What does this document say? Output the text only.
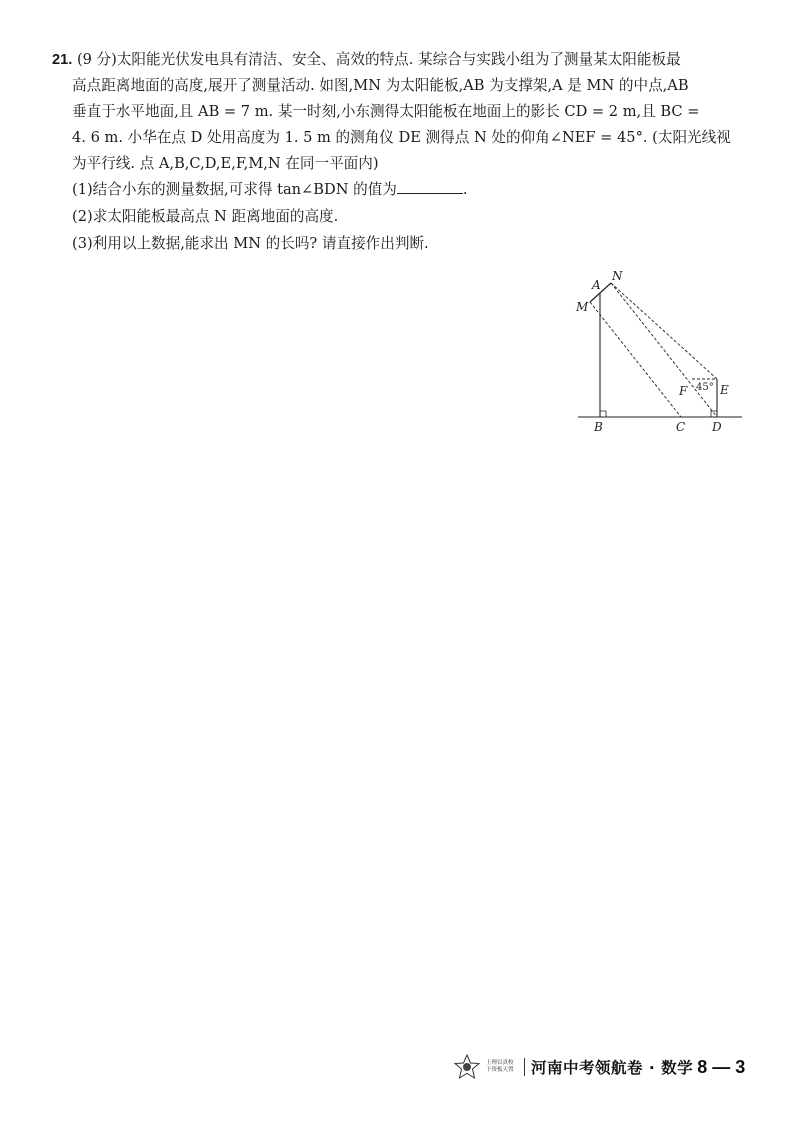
21. (9 分)太阳能光伏发电具有清洁、安全、高效的特点. 某综合与实践小组为了测量某太阳能板最
高点距离地面的高度,展开了测量活动. 如图,MN 为太阳能板,AB 为支撑架,A 是 MN 的中点,AB
垂直于水平地面,且 AB = 7 m. 某一时刻,小东测得太阳能板在地面上的影长 CD = 2 m,且 BC =
4. 6 m. 小华在点 D 处用高度为 1. 5 m 的测角仪 DE 测得点 N 处的仰角∠NEF = 45°. (太阳光线视
为平行线. 点 A,B,C,D,E,F,M,N 在同一平面内)
(1)结合小东的测量数据,可求得 tan∠BDN 的值为	.
(2)求太阳能板最高点 N 距离地面的高度.
(3)利用以上数据,能求出 MN 的长吗? 请直接作出判断.
A
N
M
F	E
45°
B	C D
上理以真校
下资板天置	河南中考领航卷 · 数学 8 — 3
